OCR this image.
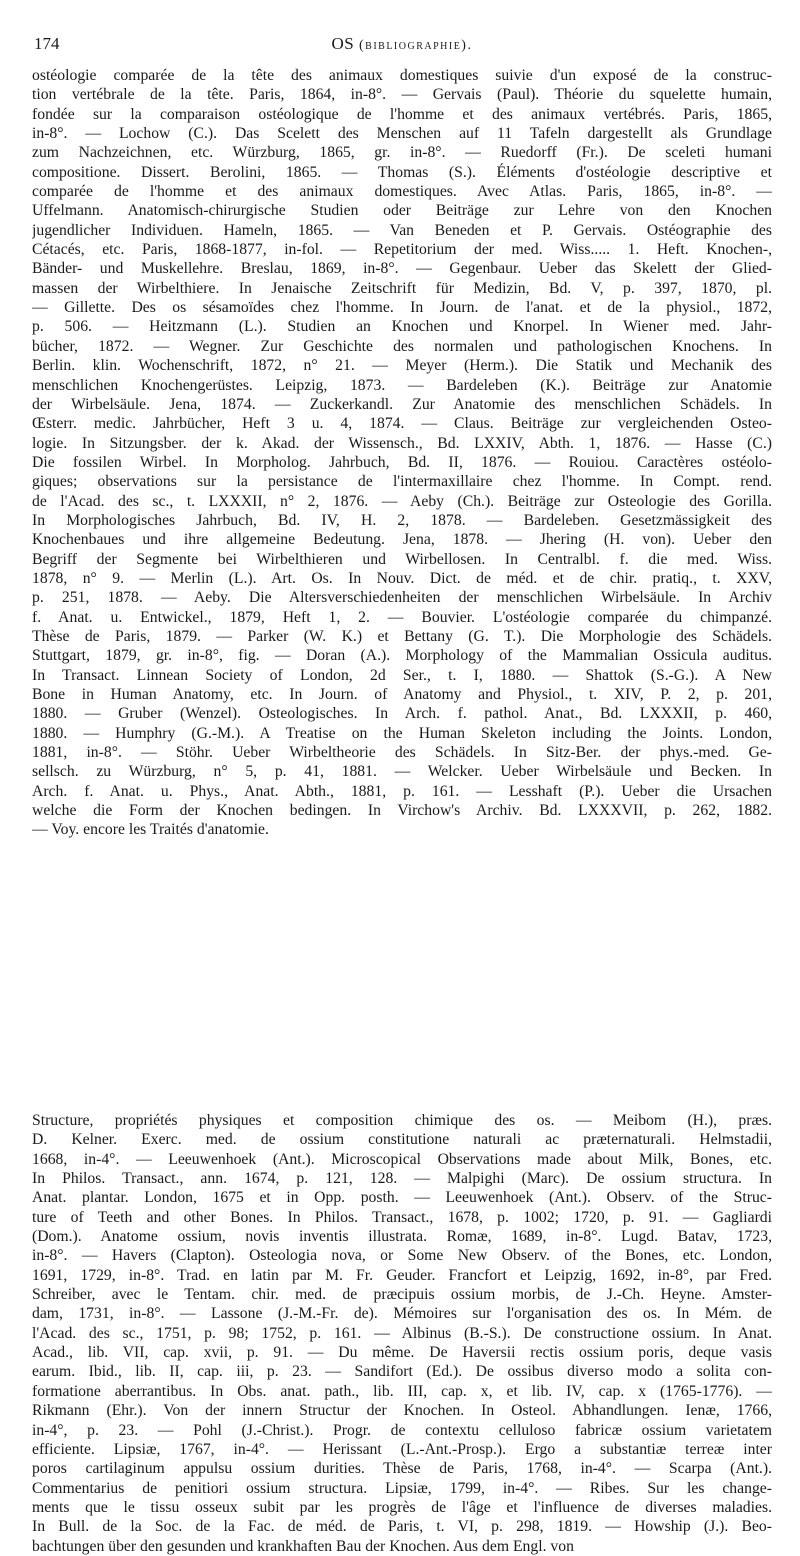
174	OS (bibliographie).
ostéologie comparée de la tête des animaux domestiques suivie d'un exposé de la construc-
tion vertébrale de la tête. Paris, 1864, in-8°. — Gervais (Paul). Théorie du squelette humain,
fondée sur la comparaison ostéologique de l'homme et des animaux vertébrés. Paris, 1865,
in-8°. — Lochow (C.). Das Scelett des Menschen auf 11 Tafeln dargestellt als Grundlage
zum Nachzeichnen, etc. Würzburg, 1865, gr. in-8°. — Ruedorff (Fr.). De sceleti humani
compositione. Dissert. Berolini, 1865. — Thomas (S.). Éléments d'ostéologie descriptive et
comparée de l'homme et des animaux domestiques. Avec Atlas. Paris, 1865, in-8°. —
Uffelmann. Anatomisch-chirurgische Studien oder Beiträge zur Lehre von den Knochen
jugendlicher Individuen. Hameln, 1865. — Van Beneden et P. Gervais. Ostéographie des
Cétacés, etc. Paris, 1868-1877, in-fol. — Repetitorium der med. Wiss..... 1. Heft. Knochen-,
Bänder- und Muskellehre. Breslau, 1869, in-8°. — Gegenbaur. Ueber das Skelett der Glied-
massen der Wirbelthiere. In Jenaische Zeitschrift für Medizin, Bd. V, p. 397, 1870, pl.
— Gillette. Des os sésamoïdes chez l'homme. In Journ. de l'anat. et de la physiol., 1872,
p. 506. — Heitzmann (L.). Studien an Knochen und Knorpel. In Wiener med. Jahr-
bücher, 1872. — Wegner. Zur Geschichte des normalen und pathologischen Knochens. In
Berlin. klin. Wochenschrift, 1872, n° 21. — Meyer (Herm.). Die Statik und Mechanik des
menschlichen Knochengerüstes. Leipzig, 1873. — Bardeleben (K.). Beiträge zur Anatomie
der Wirbelsäule. Jena, 1874. — Zuckerkandl. Zur Anatomie des menschlichen Schädels. In
Œsterr. medic. Jahrbücher, Heft 3 u. 4, 1874. — Claus. Beiträge zur vergleichenden Osteo-
logie. In Sitzungsber. der k. Akad. der Wissensch., Bd. LXXIV, Abth. 1, 1876. — Hasse (C.)
Die fossilen Wirbel. In Morpholog. Jahrbuch, Bd. II, 1876. — Rouiou. Caractères ostéolo-
giques; observations sur la persistance de l'intermaxillaire chez l'homme. In Compt. rend.
de l'Acad. des sc., t. LXXXII, n° 2, 1876. — Aeby (Ch.). Beiträge zur Osteologie des Gorilla.
In Morphologisches Jahrbuch, Bd. IV, H. 2, 1878. — Bardeleben. Gesetzmässigkeit des
Knochenbaues und ihre allgemeine Bedeutung. Jena, 1878. — Jhering (H. von). Ueber den
Begriff der Segmente bei Wirbelthieren und Wirbellosen. In Centralbl. f. die med. Wiss.
1878, n° 9. — Merlin (L.). Art. Os. In Nouv. Dict. de méd. et de chir. pratiq., t. XXV,
p. 251, 1878. — Aeby. Die Altersverschiedenheiten der menschlichen Wirbelsäule. In Archiv
f. Anat. u. Entwickel., 1879, Heft 1, 2. — Bouvier. L'ostéologie comparée du chimpanzé.
Thèse de Paris, 1879. — Parker (W. K.) et Bettany (G. T.). Die Morphologie des Schädels.
Stuttgart, 1879, gr. in-8°, fig. — Doran (A.). Morphology of the Mammalian Ossicula auditus.
In Transact. Linnean Society of London, 2d Ser., t. I, 1880. — Shattok (S.-G.). A New
Bone in Human Anatomy, etc. In Journ. of Anatomy and Physiol., t. XIV, P. 2, p. 201,
1880. — Gruber (Wenzel). Osteologisches. In Arch. f. pathol. Anat., Bd. LXXXII, p. 460,
1880. — Humphry (G.-M.). A Treatise on the Human Skeleton including the Joints. London,
1881, in-8°. — Stöhr. Ueber Wirbeltheorie des Schädels. In Sitz-Ber. der phys.-med. Ge-
sellsch. zu Würzburg, n° 5, p. 41, 1881. — Welcker. Ueber Wirbelsäule und Becken. In
Arch. f. Anat. u. Phys., Anat. Abth., 1881, p. 161. — Lesshaft (P.). Ueber die Ursachen
welche die Form der Knochen bedingen. In Virchow's Archiv. Bd. LXXXVII, p. 262, 1882.
— Voy. encore les Traités d'anatomie.
Structure, propriétés physiques et composition chimique des os. — Meibom (H.), præs.
D. Kelner. Exerc. med. de ossium constitutione naturali ac præternaturali. Helmstadii,
1668, in-4°. — Leeuwenhoek (Ant.). Microscopical Observations made about Milk, Bones, etc.
In Philos. Transact., ann. 1674, p. 121, 128. — Malpighi (Marc). De ossium structura. In
Anat. plantar. London, 1675 et in Opp. posth. — Leeuwenhoek (Ant.). Observ. of the Struc-
ture of Teeth and other Bones. In Philos. Transact., 1678, p. 1002; 1720, p. 91. — Gagliardi
(Dom.). Anatome ossium, novis inventis illustrata. Romæ, 1689, in-8°. Lugd. Batav, 1723,
in-8°. — Havers (Clapton). Osteologia nova, or Some New Observ. of the Bones, etc. London,
1691, 1729, in-8°. Trad. en latin par M. Fr. Geuder. Francfort et Leipzig, 1692, in-8°, par Fred.
Schreiber, avec le Tentam. chir. med. de præcipuis ossium morbis, de J.-Ch. Heyne. Amster-
dam, 1731, in-8°. — Lassone (J.-M.-Fr. de). Mémoires sur l'organisation des os. In Mém. de
l'Acad. des sc., 1751, p. 98; 1752, p. 161. — Albinus (B.-S.). De constructione ossium. In Anat.
Acad., lib. VII, cap. xvii, p. 91. — Du même. De Haversii rectis ossium poris, deque vasis
earum. Ibid., lib. II, cap. iii, p. 23. — Sandifort (Ed.). De ossibus diverso modo a solita con-
formatione aberrantibus. In Obs. anat. path., lib. III, cap. x, et lib. IV, cap. x (1765-1776). —
Rikmann (Ehr.). Von der innern Structur der Knochen. In Osteol. Abhandlungen. Ienæ, 1766,
in-4°, p. 23. — Pohl (J.-Christ.). Progr. de contextu celluloso fabricæ ossium varietatem
efficiente. Lipsiæ, 1767, in-4°. — Herissant (L.-Ant.-Prosp.). Ergo a substantiæ terreæ inter
poros cartilaginum appulsu ossium durities. Thèse de Paris, 1768, in-4°. — Scarpa (Ant.).
Commentarius de penitiori ossium structura. Lipsiæ, 1799, in-4°. — Ribes. Sur les change-
ments que le tissu osseux subit par les progrès de l'âge et l'influence de diverses maladies.
In Bull. de la Soc. de la Fac. de méd. de Paris, t. VI, p. 298, 1819. — Howship (J.). Beo-
bachtungen über den gesunden und krankhaften Bau der Knochen. Aus dem Engl. von
